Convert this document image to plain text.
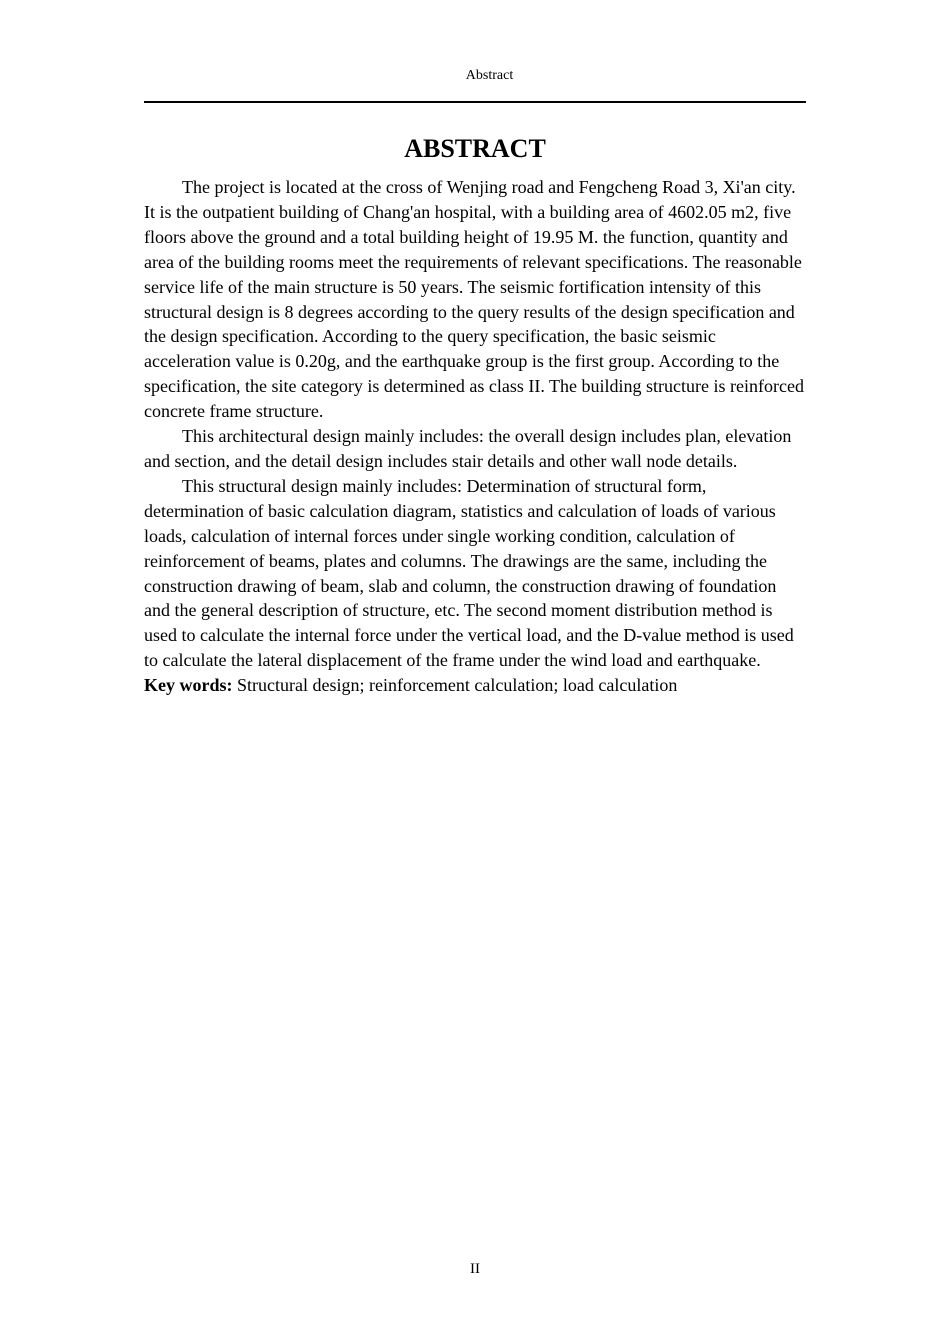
Abstract
ABSTRACT

The project is located at the cross of Wenjing road and Fengcheng Road 3, Xi'an city. It is the outpatient building of Chang'an hospital, with a building area of 4602.05 m2, five floors above the ground and a total building height of 19.95 M. the function, quantity and area of the building rooms meet the requirements of relevant specifications. The reasonable service life of the main structure is 50 years. The seismic fortification intensity of this structural design is 8 degrees according to the query results of the design specification and the design specification. According to the query specification, the basic seismic acceleration value is 0.20g, and the earthquake group is the first group. According to the specification, the site category is determined as class II. The building structure is reinforced concrete frame structure.

This architectural design mainly includes: the overall design includes plan, elevation and section, and the detail design includes stair details and other wall node details.

This structural design mainly includes: Determination of structural form, determination of basic calculation diagram, statistics and calculation of loads of various loads, calculation of internal forces under single working condition, calculation of reinforcement of beams, plates and columns. The drawings are the same, including the construction drawing of beam, slab and column, the construction drawing of foundation and the general description of structure, etc. The second moment distribution method is used to calculate the internal force under the vertical load, and the D-value method is used to calculate the lateral displacement of the frame under the wind load and earthquake.

Key words: Structural design; reinforcement calculation; load calculation
II
